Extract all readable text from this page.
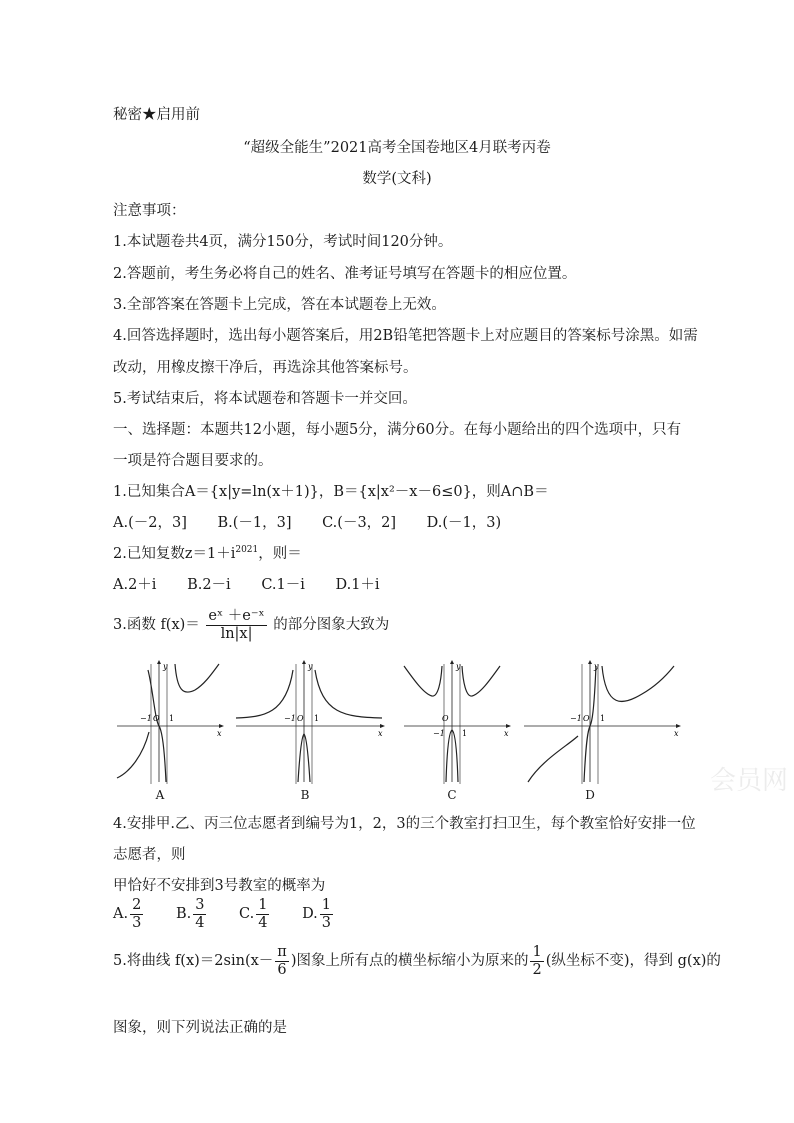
秘密★启用前
“超级全能生”2021高考全国卷地区4月联考丙卷
数学(文科)
注意事项：
1.本试题卷共4页，满分150分，考试时间120分钟。
2.答题前，考生务必将自己的姓名、准考证号填写在答题卡的相应位置。
3.全部答案在答题卡上完成，答在本试题卷上无效。
4.回答选择题时，选出每小题答案后，用2B铅笔把答题卡上对应题目的答案标号涂黑。如需
改动，用橡皮擦干净后，再选涂其他答案标号。
5.考试结束后，将本试题卷和答题卡一并交回。
一、选择题：本题共12小题，每小题5分，满分60分。在每小题给出的四个选项中，只有
一项是符合题目要求的。
1.已知集合A＝{x|y=ln(x＋1)}，B＝{x|x²－x－6≤0}，则A∩B＝
A.(－2，3] B.(－1，3] C.(－3，2] D.(－1，3)
2.已知复数$z=1+i^{2021}$，则＝
A.2＋i B.2－i C.1－i D.1＋i
3.函数 $f(x)= \frac{\text{eˣ ＋e⁻ˣ}}{\ln|x|}$ 的部分图象大致为
−1 O 1
x
y
−1 O 1
x
y
−1
O
1	x
y
−1 O 1
x
y
A	B	C	D	会员网
4.安排甲.乙、丙三位志愿者到编号为1，2，3的三个教室打扫卫生，每个教室恰好安排一位
志愿者，则
甲恰好不安排到3号教室的概率为
A. $\frac{2}{3} B$. $\frac{3}{4} C$. $\frac{1}{4} D$. $\frac{1}{3}$
5.将曲线 $f(x)=2\sin(x- \frac{\pi}{6}$ )图象上所有点的横坐标缩小为原来的 $\frac{1}{2}$ (纵坐标不变)，得到 g(x)的
图象，则下列说法正确的是
